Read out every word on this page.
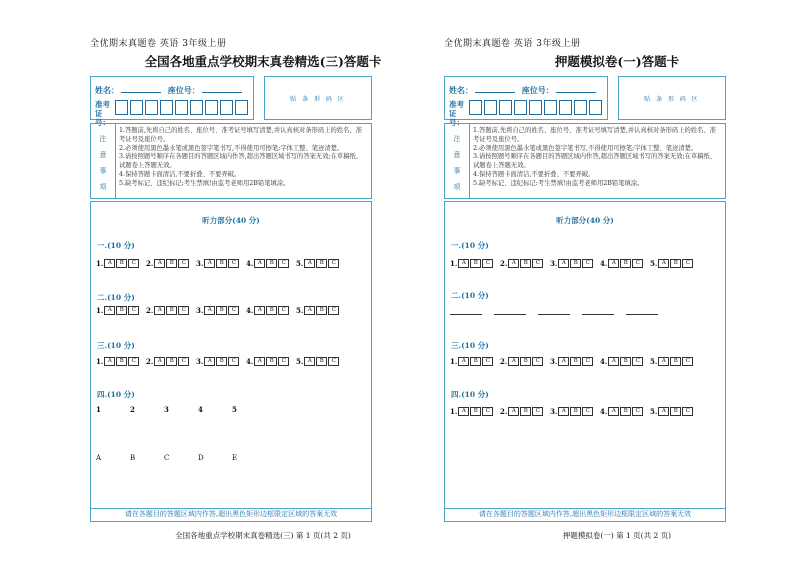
全优期末真题卷 英语 3年级上册
全国各地重点学校期末真卷精选(三)答题卡
姓名：	座位号：
准考证号：
贴 条 形 码 区
注
意
事
项

1.答题前,先将自己的姓名、座位号、准考证号填写清楚,并认真核对条形码上的姓名、准考证号及座位号。

2.必须使用黑色墨水笔或黑色签字笔书写,不得使用可擦笔;字体工整、笔迹清楚。

3.请按照题号顺序在各题目的答题区域内作答,超出答题区域书写的答案无效;在草稿纸、试题卷上答题无效。

4.保持答题卡面清洁,不要折叠、不要弄破。

5.缺考标记、违纪标记:考生禁填!由监考老师用2B铅笔填涂。

听力部分(40 分)
一.(10 分)
1. A	B	C	2. A	B	C	3. A	B	C	4. A	B	C	5. A	B	C
二.(10 分)
1. A	B	C	2. A	B	C	3. A	B	C	4. A	B	C	5. A	B	C
三.(10 分)
1. A	B	C	2. A	B	C	3. A	B	C	4. A	B	C	5. A	B	C
四.(10 分)
1	2	3	4	5
A	B	C	D	E
请在各题目的答题区域内作答,超出黑色矩形边框限定区域的答案无效
全国各地重点学校期末真卷精选(三) 第 1 页(共 2 页)
全优期末真题卷 英语 3年级上册
押题模拟卷(一)答题卡
姓名：	座位号：
准考证号：
贴 条 形 码 区
注
意
事
项

1.答题前,先将自己的姓名、座位号、准考证号填写清楚,并认真核对条形码上的姓名、准考证号及座位号。

2.必须使用黑色墨水笔或黑色签字笔书写,不得使用可擦笔;字体工整、笔迹清楚。

3.请按照题号顺序在各题目的答题区域内作答,超出答题区域书写的答案无效;在草稿纸、试题卷上答题无效。

4.保持答题卡面清洁,不要折叠、不要弄破。

5.缺考标记、违纪标记:考生禁填!由监考老师用2B铅笔填涂。

听力部分(40 分)
一.(10 分)
1. A	B	C	2. A	B	C	3. A	B	C	4. A	B	C	5. A	B	C
二.(10 分)
三.(10 分)
1. A	B	C	2. A	B	C	3. A	B	C	4. A	B	C	5. A	B	C
四.(10 分)
1. A	B	C	2. A	B	C	3. A	B	C	4. A	B	C	5. A	B	C
请在各题目的答题区域内作答,超出黑色矩形边框限定区域的答案无效
押题模拟卷(一) 第 1 页(共 2 页)
